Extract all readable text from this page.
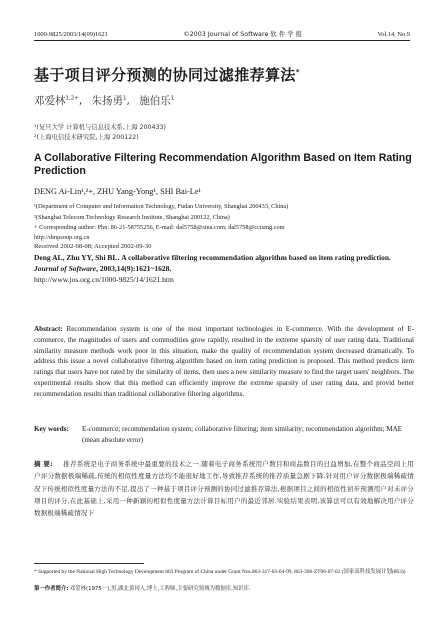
1000-9825/2003/14(09)1621	©2003 Journal of Software 软 件 学 报	Vol.14, No.9
基于项目评分预测的协同过滤推荐算法*
邓爱林$^{1,2+}$, 朱扬勇$^1$, 施伯乐$^1$
¹(复旦大学 计算机与信息技术系,上海 200433)
²(上海电信技术研究院,上海 200122)
A Collaborative Filtering Recommendation Algorithm Based on Item Rating Prediction
DENG Ai-Lin¹,²+, ZHU Yang-Yong¹, SHI Bai-Le¹
¹(Department of Computer and Information Technology, Fudan University, Shanghai 200433, China)
²(Shanghai Telecom Technology Research Institute, Shanghai 200122, China)
+ Corresponding author: Phn: 86-21-58755256, E-mail: dal5758@sina.com; dal5758@cctsmg.com
http://dmpsoup.org.cn
Received 2002-08-08; Accepted 2002-09-30
Deng AL, Zhu YY, Shi BL. A collaborative filtering recommendation algorithm based on item rating prediction. Journal of Software, 2003,14(9):1621~1628.
http://www.jos.org.cn/1000-9825/14/1621.htm
Abstract: Recommendation system is one of the most important technologies in E-commerce. With the development of E-commerce, the magnitudes of users and commodities grow rapidly, resulted in the extreme sparsity of user rating data. Traditional similarity measure methods work poor in this situation, make the quality of recommendation system decreased dramatically. To address this issue a novel collaborative filtering algorithm based on item rating prediction is proposed. This method predicts item ratings that users have not rated by the similarity of items, then uses a new similarity measure to find the target users' neighbors. The experimental results show that this method can efficiently improve the extreme sparsity of user rating data, and provid better recommendation results than traditional collaborative filtering algorithms.
Key words:	E-commerce; recommendation system; collaborative filtering; item similarity; recommendation algorithm; MAE (mean absolute error)
摘 要: 推荐系统是电子商务系统中最重要的技术之一.随着电子商务系统用户数目和商品数目的日益增加,在整个商品空间上用户评分数据极端稀疏,传统的相似性度量方法均不能很好地工作,导致推荐系统的推荐质量急剧下降.针对用户评分数据极端稀疏情况下传统相似性度量方法的不足,提出了一种基于项目评分预测的协同过滤推荐算法,根据项目之间的相似性初步预测用户对未评分项目的评分,在此基础上,采用一种新颖的相似性度量方法计算目标用户的最近邻居.实验结果表明,该算法可以有效地解决用户评分数据极端稀疏情况下
* Supported by the National High Technology Development 863 Program of China under Grant Nos.863-317-03-04-99, 863-306-ZT06-07-02 (国家高科技发展计划(863))
第一作者简介: 邓爱林(1975－),男,湖北黄冈人,博士,工程师,主要研究领域为数据库,知识库.
